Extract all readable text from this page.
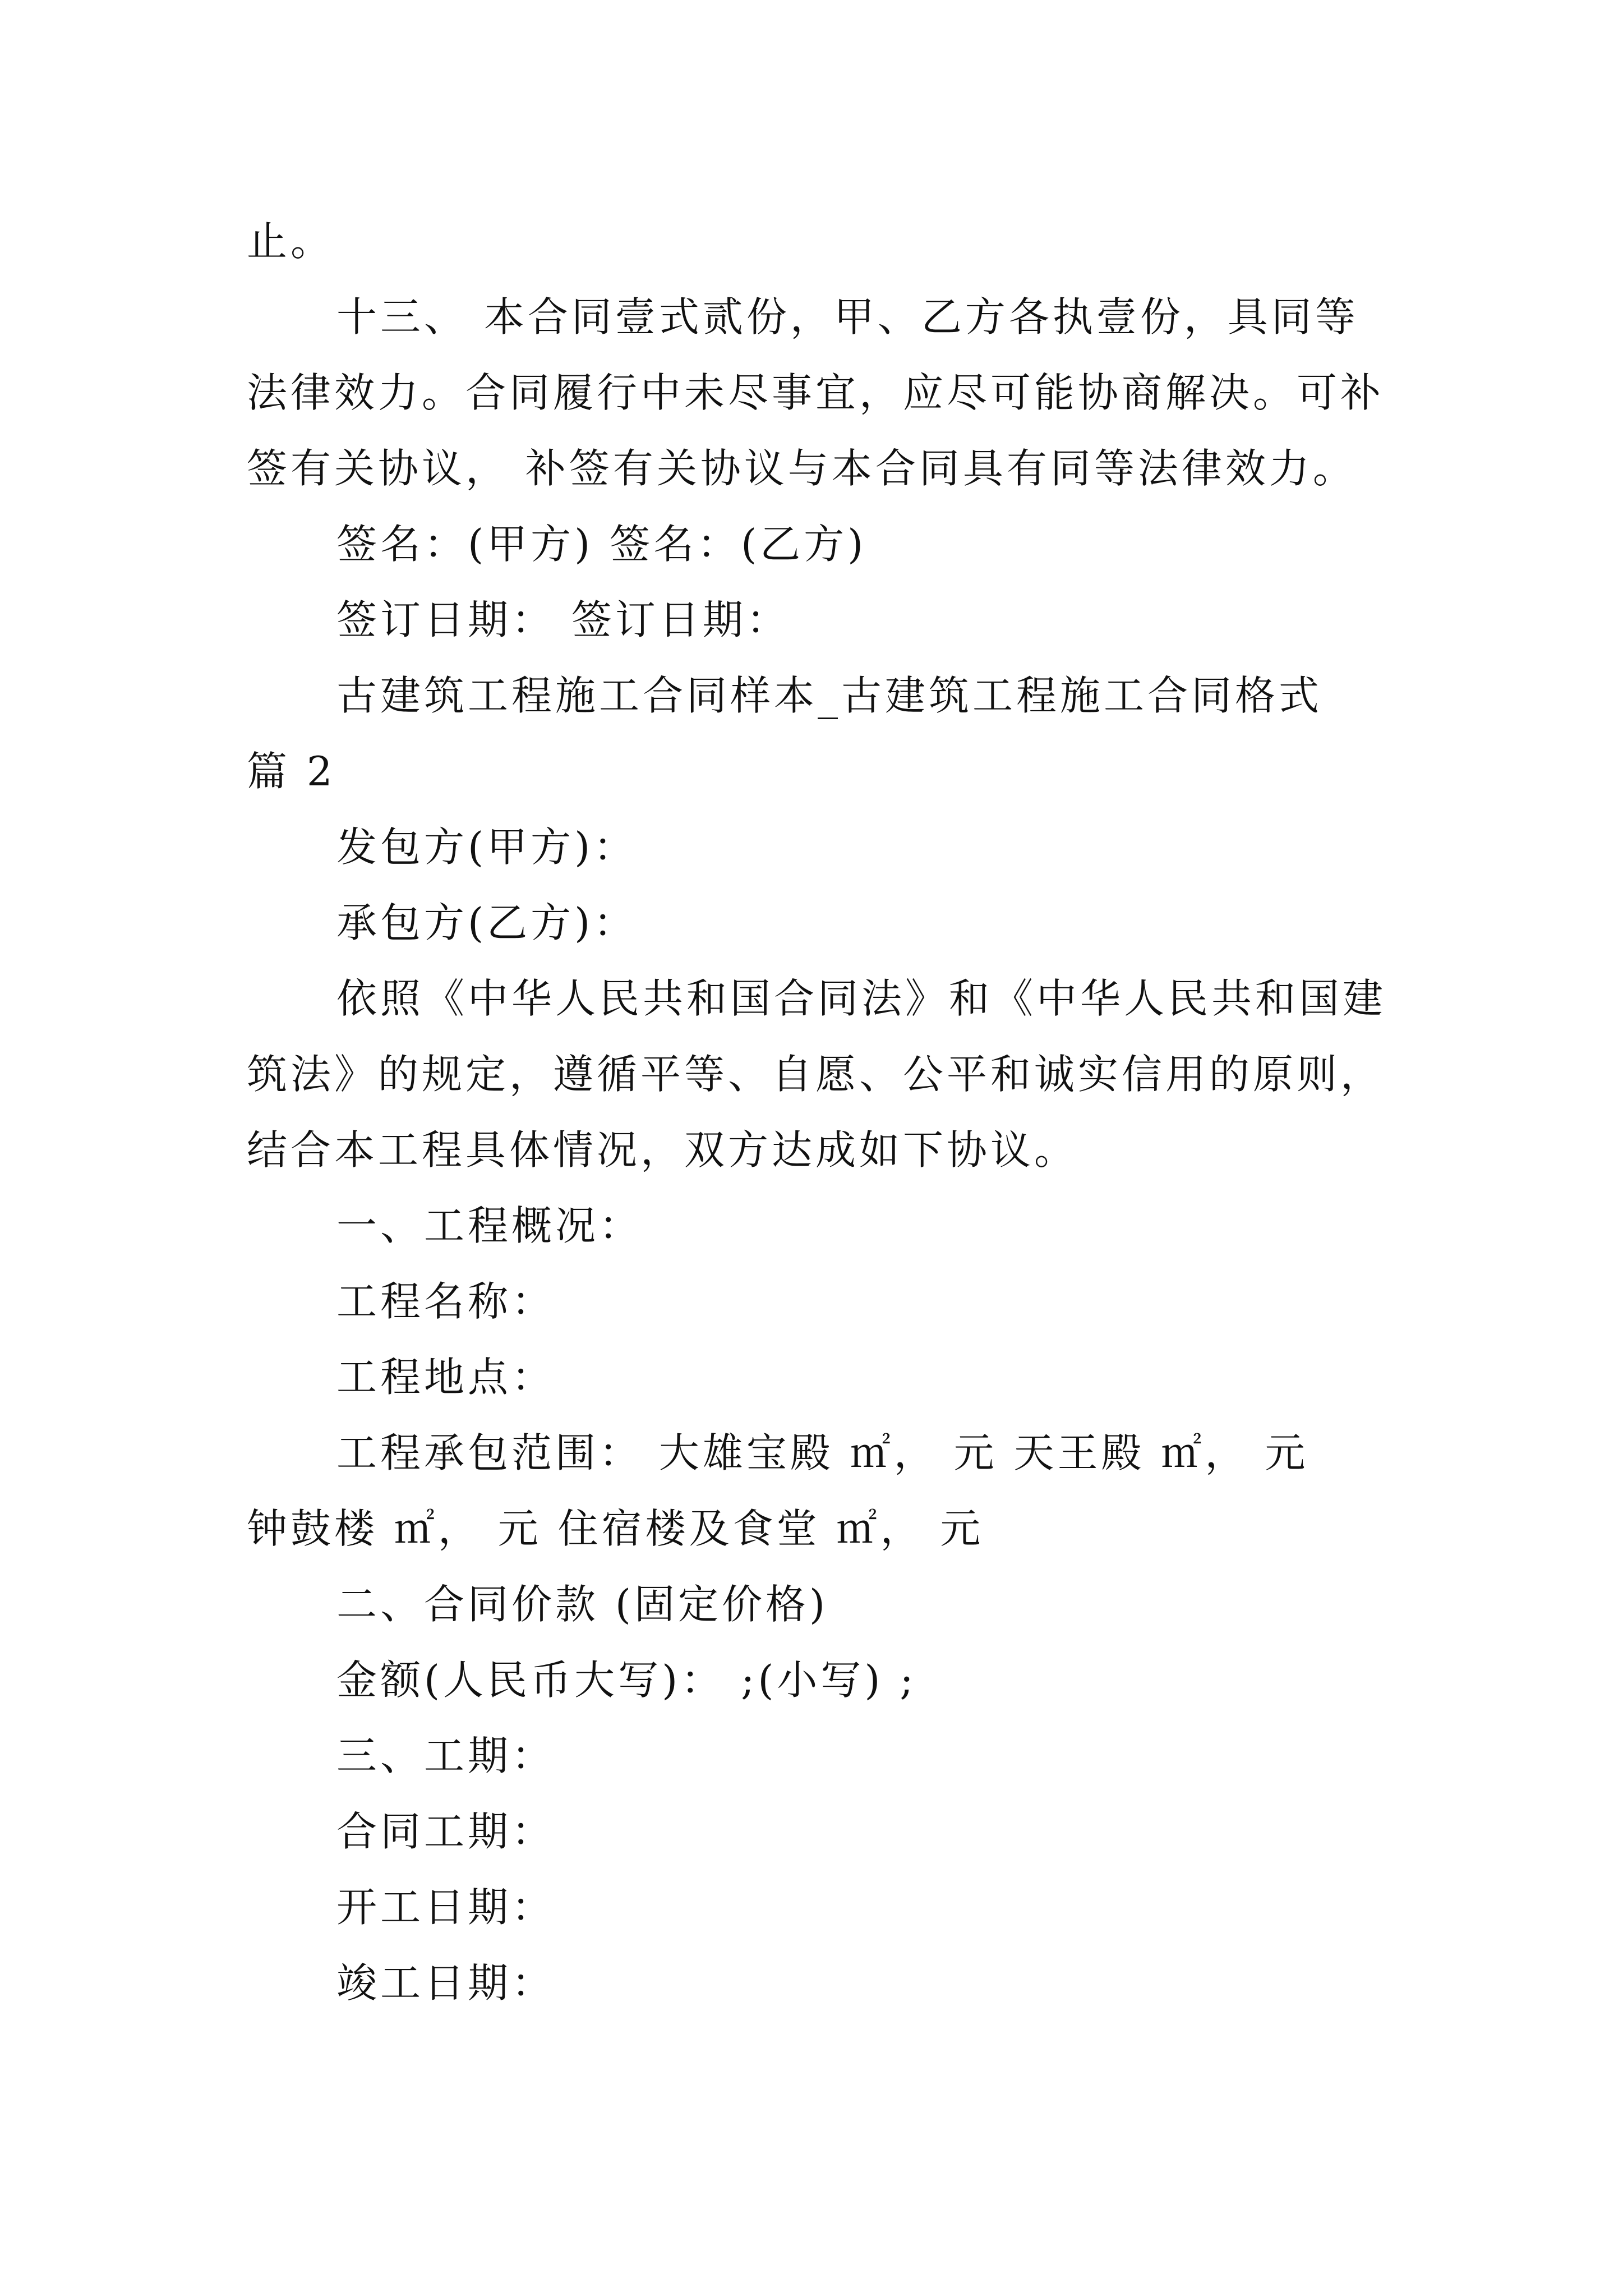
止。
十三、 本合同壹式贰份，甲、乙方各执壹份，具同等
法律效力。合同履行中未尽事宜，应尽可能协商解决。可补
签有关协议， 补签有关协议与本合同具有同等法律效力。
签名：(甲方) 签名：(乙方)
签订日期： 签订日期：
古建筑工程施工合同样本_古建筑工程施工合同格式
篇 2
发包方(甲方)：
承包方(乙方)：
依照《中华人民共和国合同法》和《中华人民共和国建
筑法》的规定，遵循平等、自愿、公平和诚实信用的原则，
结合本工程具体情况，双方达成如下协议。
一、工程概况：
工程名称：
工程地点：
工程承包范围： 大雄宝殿 ㎡， 元 天王殿 ㎡， 元
钟鼓楼 ㎡， 元 住宿楼及食堂 ㎡， 元
二、合同价款 (固定价格)
金额(人民币大写)： ;(小写) ;
三、工期：
合同工期：
开工日期：
竣工日期：
